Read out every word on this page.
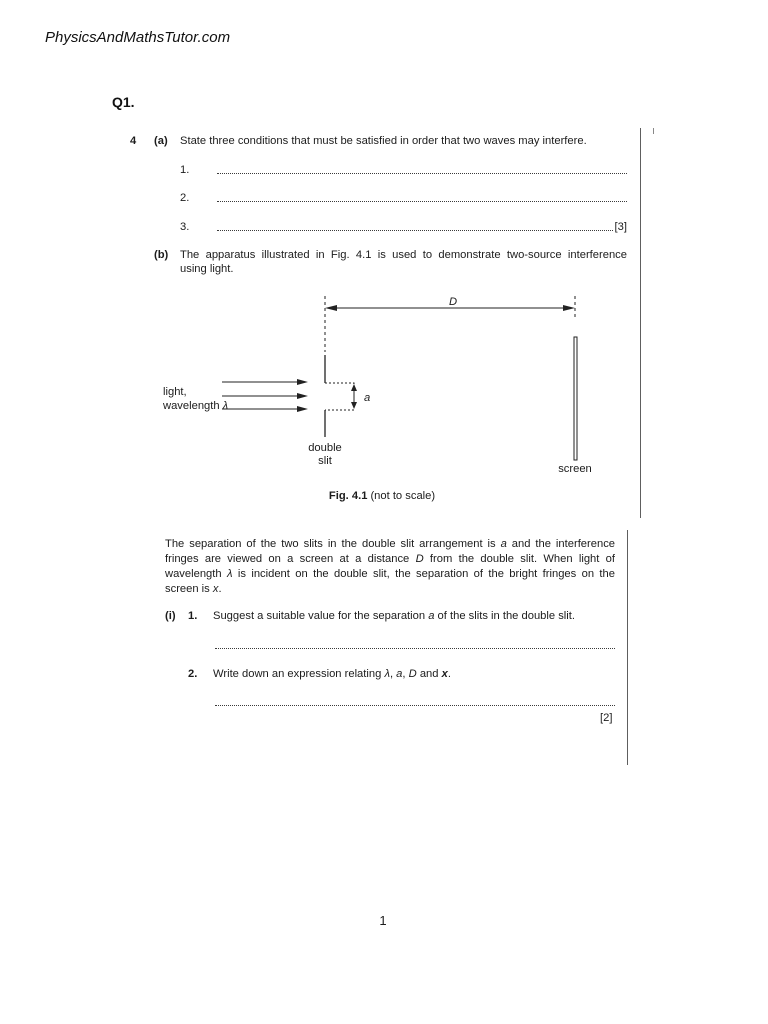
PhysicsAndMathsTutor.com
Q1.
4 (a) State three conditions that must be satisfied in order that two waves may interfere.
1.
2.
3.	[3]
(b) The apparatus illustrated in Fig. 4.1 is used to demonstrate two-source interference
using light.
D
a
light,
wavelength λ
double
slit
screen
Fig. 4.1 (not to scale)
The separation of the two slits in the double slit arrangement is a and the interference
fringes are viewed on a screen at a distance D from the double slit. When light of
wavelength λ is incident on the double slit, the separation of the bright fringes on the
screen is x.
(i) 1. Suggest a suitable value for the separation a of the slits in the double slit.
2. Write down an expression relating λ, a, D and x.
[2]
1
